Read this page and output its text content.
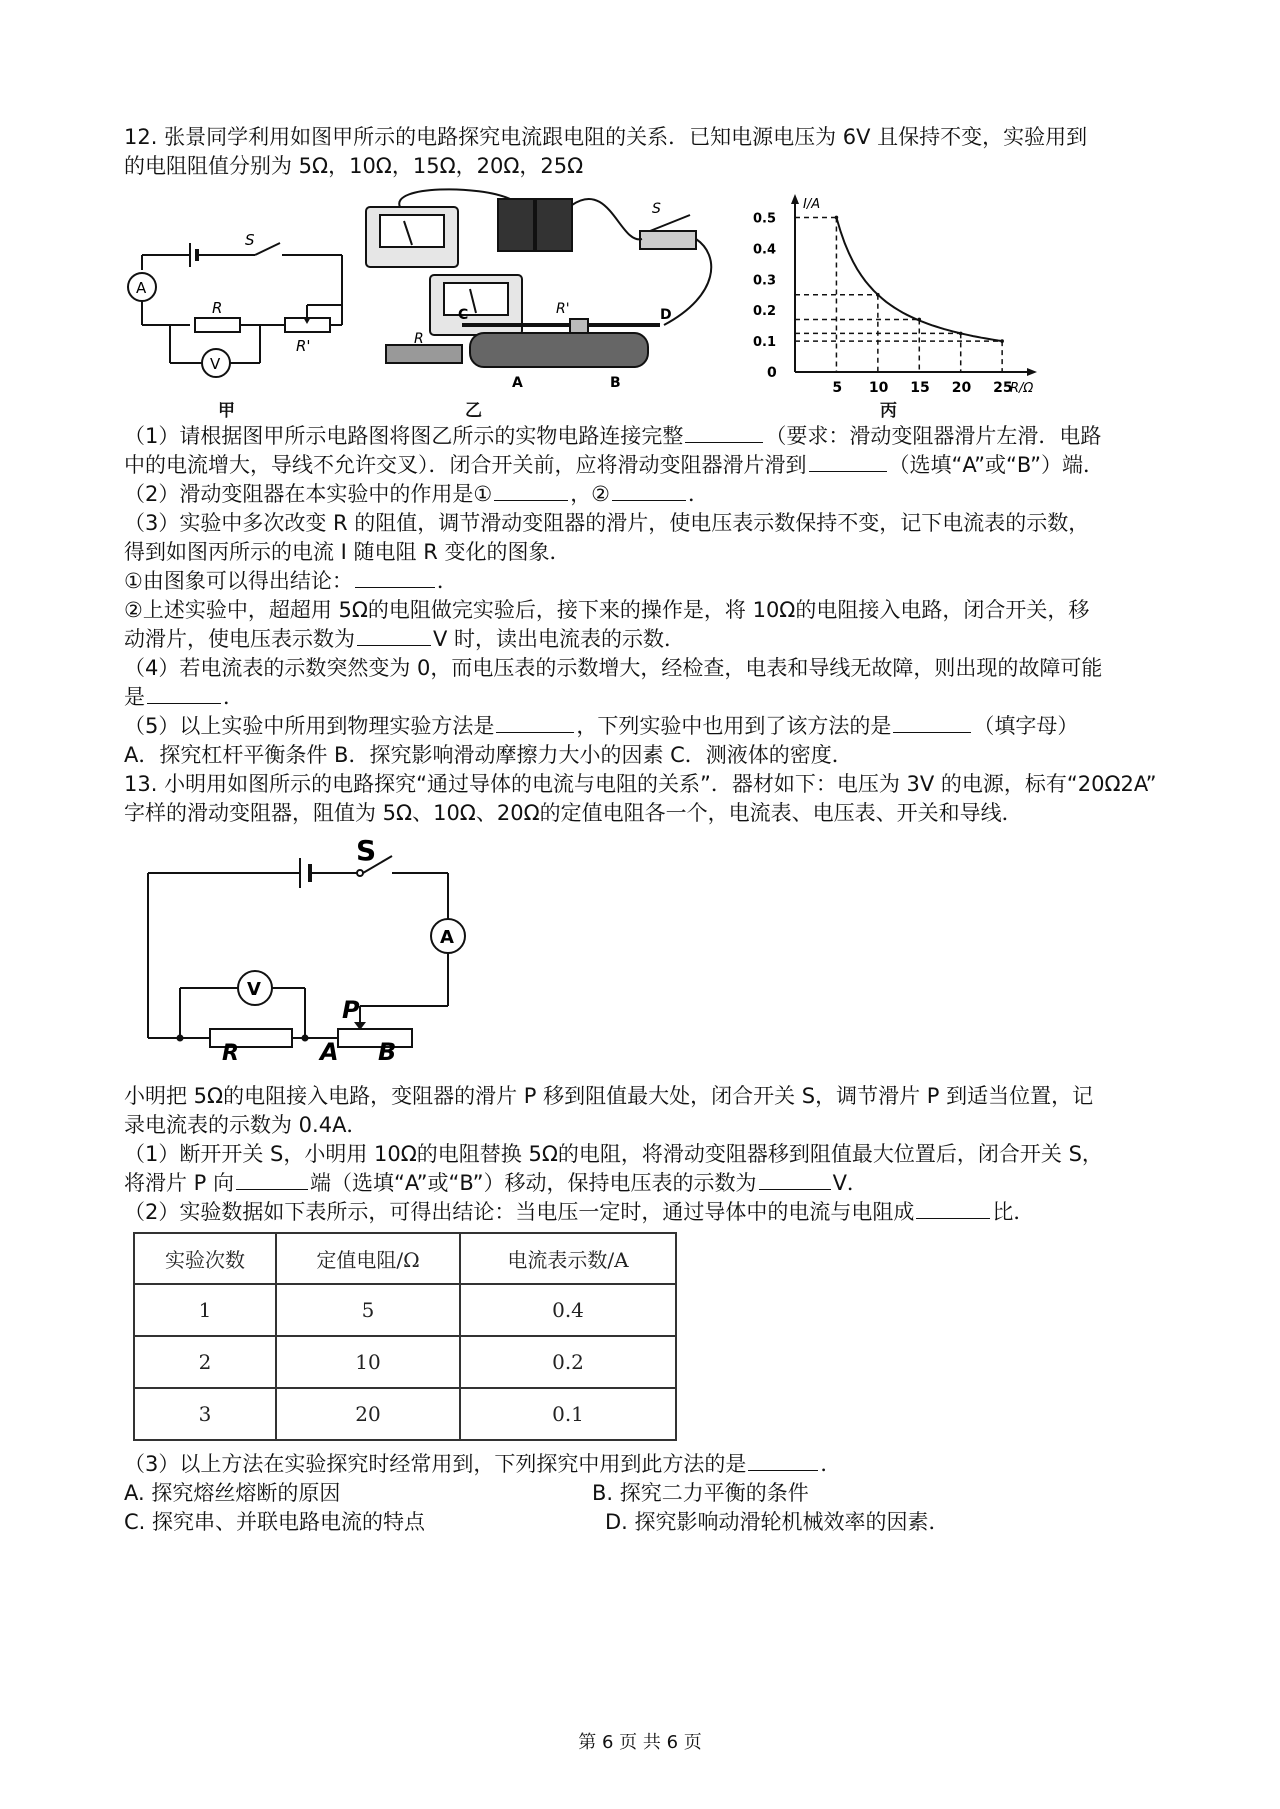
12. 张景同学利用如图甲所示的电路探究电流跟电阻的关系．已知电源电压为 6V 且保持不变，实验用到
的电阻阻值分别为 5Ω，10Ω，15Ω，20Ω，25Ω
A
V
S
R
R'
S
R
R'
C	D
A	B	5 10 15 20 25
0.5
0.4
0.3
0.2
0.1
I/A
R/Ω
0
甲	乙	丙
（1）请根据图甲所示电路图将图乙所示的实物电路连接完整	（要求：滑动变阻器滑片左滑．电路
中的电流增大，导线不允许交叉）．闭合开关前，应将滑动变阻器滑片滑到	（选填“A”或“B”）端．
（2）滑动变阻器在本实验中的作用是①	，②	．
（3）实验中多次改变 R 的阻值，调节滑动变阻器的滑片，使电压表示数保持不变，记下电流表的示数，
得到如图丙所示的电流 I 随电阻 R 变化的图象．
①由图象可以得出结论：	．
②上述实验中，超超用 5Ω的电阻做完实验后，接下来的操作是，将 10Ω的电阻接入电路，闭合开关，移
动滑片，使电压表示数为	V 时，读出电流表的示数．
（4）若电流表的示数突然变为 0，而电压表的示数增大，经检查，电表和导线无故障，则出现的故障可能
是	．
（5）以上实验中所用到物理实验方法是	，下列实验中也用到了该方法的是	（填字母）
A．探究杠杆平衡条件 B．探究影响滑动摩擦力大小的因素 C．测液体的密度．
13. 小明用如图所示的电路探究“通过导体的电流与电阻的关系”．器材如下：电压为 3V 的电源，标有“20Ω2A”
字样的滑动变阻器，阻值为 5Ω、10Ω、20Ω的定值电阻各一个，电流表、电压表、开关和导线．
A
V
S
P
R	A B
小明把 5Ω的电阻接入电路，变阻器的滑片 P 移到阻值最大处，闭合开关 S，调节滑片 P 到适当位置，记
录电流表的示数为 0.4A．
（1）断开开关 S，小明用 10Ω的电阻替换 5Ω的电阻，将滑动变阻器移到阻值最大位置后，闭合开关 S，
将滑片 P 向	端（选填“A”或“B”）移动，保持电压表的示数为	V．
（2）实验数据如下表所示，可得出结论：当电压一定时，通过导体中的电流与电阻成	比．
实验次数	定值电阻/Ω	电流表示数/A
1	5	0.4
2	10	0.2
3	20	0.1
（3）以上方法在实验探究时经常用到，下列探究中用到此方法的是	．
A. 探究熔丝熔断的原因	B. 探究二力平衡的条件
C. 探究串、并联电路电流的特点	D. 探究影响动滑轮机械效率的因素．
第 6 页 共 6 页
